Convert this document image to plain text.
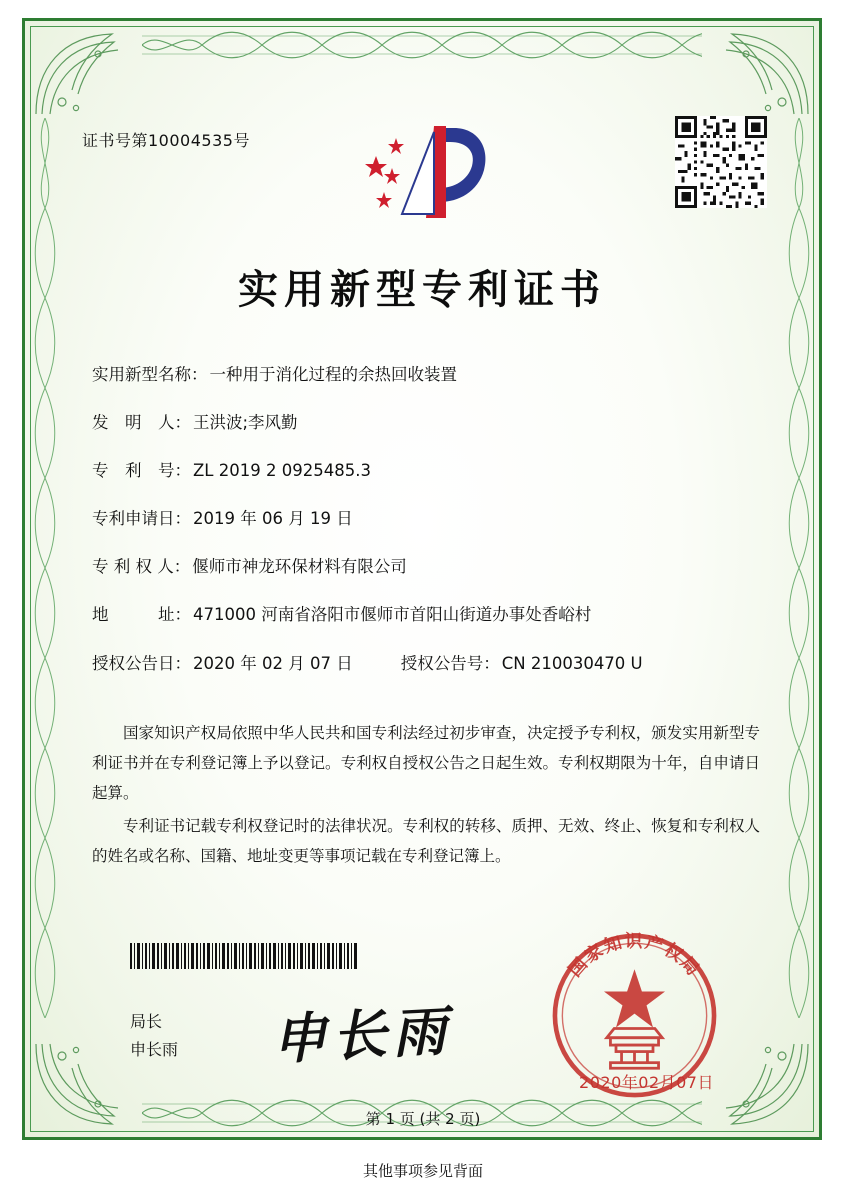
证书号第10004535号
实用新型专利证书
实用新型名称： 一种用于消化过程的余热回收装置
发　明　人： 王洪波;李风勤
专　利　号： ZL 2019 2 0925485.3
专利申请日： 2019 年 06 月 19 日
专 利 权 人： 偃师市神龙环保材料有限公司
地　　　址： 471000 河南省洛阳市偃师市首阳山街道办事处香峪村
授权公告日： 2020 年 02 月 07 日	授权公告号： CN 210030470 U

国家知识产权局依照中华人民共和国专利法经过初步审查，决定授予专利权，颁发实用新型专利证书并在专利登记簿上予以登记。专利权自授权公告之日起生效。专利权期限为十年，自申请日起算。

专利证书记载专利权登记时的法律状况。专利权的转移、质押、无效、终止、恢复和专利权人的姓名或名称、国籍、地址变更等事项记载在专利登记簿上。

局长
申长雨 申长雨
国家知识产权局
2020年02月07日
第 1 页 (共 2 页)
其他事项参见背面
